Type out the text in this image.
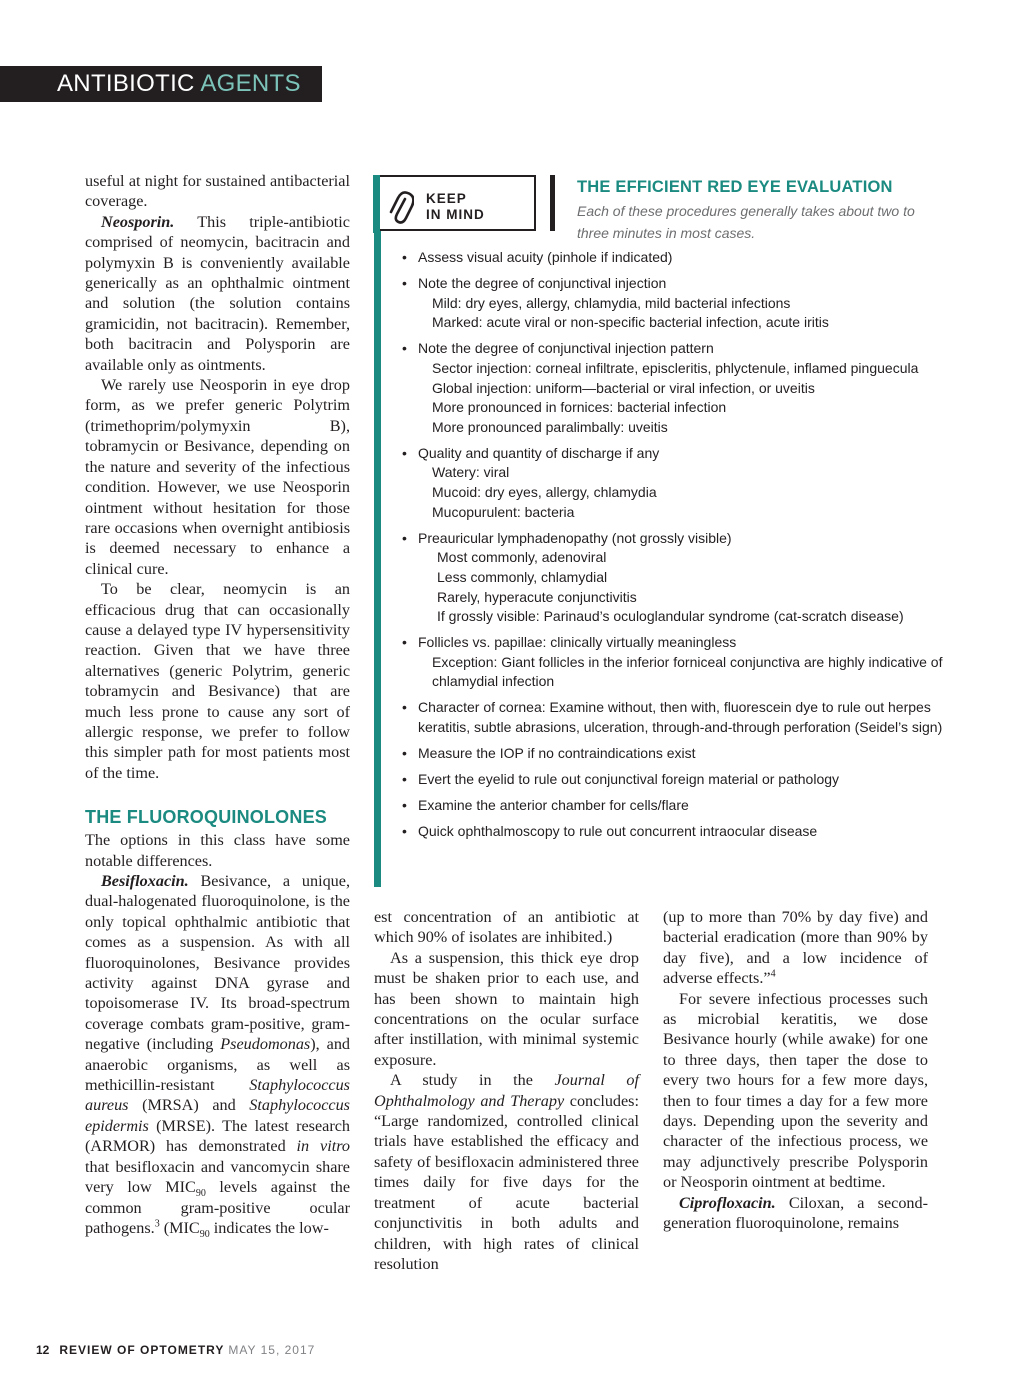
ANTIBIOTIC AGENTS

useful at night for sustained antibacterial coverage.

Neosporin. This triple-antibiotic comprised of neomycin, bacitracin and polymyxin B is conveniently available generically as an ophthalmic ointment and solution (the solution contains gramicidin, not bacitracin). Remember, both bacitracin and Polysporin are available only as ointments.

We rarely use Neosporin in eye drop form, as we prefer generic Polytrim (trimethoprim/polymyxin B), tobramycin or Besivance, depending on the nature and severity of the infectious condition. However, we use Neosporin ointment without hesitation for those rare occasions when overnight antibiosis is deemed necessary to enhance a clinical cure.

To be clear, neomycin is an efficacious drug that can occasionally cause a delayed type IV hypersensitivity reaction. Given that we have three alternatives (generic Polytrim, generic tobramycin and Besivance) that are much less prone to cause any sort of allergic response, we prefer to follow this simpler path for most patients most of the time.

THE FLUOROQUINOLONES

The options in this class have some notable differences.

Besifloxacin. Besivance, a unique, dual-halogenated fluoroquinolone, is the only topical ophthalmic antibiotic that comes as a suspension. As with all fluoroquinolones, Besivance provides activity against DNA gyrase and topoisomerase IV. Its broad-spectrum coverage combats gram-positive, gram-negative (including Pseudomonas), and anaerobic organisms, as well as methicillin-resistant Staphylococcus aureus (MRSA) and Staphylococcus epidermis (MRSE). The latest research (ARMOR) has demonstrated in vitro that besifloxacin and vancomycin share very low $MIC_{90}$ levels against the common gram-positive ocular pathogens.$^3$ ($MIC_{90}$ indicates the low-

KEEP
IN MIND
THE EFFICIENT RED EYE EVALUATION
Each of these procedures generally takes about two to three minutes in most cases.
• Assess visual acuity (pinhole if indicated)
• Note the degree of conjunctival injection
Mild: dry eyes, allergy, chlamydia, mild bacterial infections
Marked: acute viral or non-specific bacterial infection, acute iritis
• Note the degree of conjunctival injection pattern
Sector injection: corneal infiltrate, episcleritis, phlyctenule, inflamed pinguecula
Global injection: uniform—bacterial or viral infection, or uveitis
More pronounced in fornices: bacterial infection
More pronounced paralimbally: uveitis
• Quality and quantity of discharge if any
Watery: viral
Mucoid: dry eyes, allergy, chlamydia
Mucopurulent: bacteria
• Preauricular lymphadenopathy (not grossly visible)
Most commonly, adenoviral
Less commonly, chlamydial
Rarely, hyperacute conjunctivitis
If grossly visible: Parinaud’s oculoglandular syndrome (cat-scratch disease)
• Follicles vs. papillae: clinically virtually meaningless
Exception: Giant follicles in the inferior forniceal conjunctiva are highly indicative of chlamydial infection
• Character of cornea: Examine without, then with, fluorescein dye to rule out herpes keratitis, subtle abrasions, ulceration, through-and-through perforation (Seidel’s sign)
• Measure the IOP if no contraindications exist
• Evert the eyelid to rule out conjunctival foreign material or pathology
• Examine the anterior chamber for cells/flare
• Quick ophthalmoscopy to rule out concurrent intraocular disease

est concentration of an antibiotic at which 90% of isolates are inhibited.)

As a suspension, this thick eye drop must be shaken prior to each use, and has been shown to maintain high concentrations on the ocular surface after instillation, with minimal systemic exposure.

A study in the Journal of Ophthalmology and Therapy concludes: “Large randomized, controlled clinical trials have established the efficacy and safety of besifloxacin administered three times daily for five days for the treatment of acute bacterial conjunctivitis in both adults and children, with high rates of clinical resolution

(up to more than 70% by day five) and bacterial eradication (more than 90% by day five), and a low incidence of adverse effects.”$^4$

For severe infectious processes such as microbial keratitis, we dose Besivance hourly (while awake) for one to three days, then taper the dose to every two hours for a few more days, then to four times a day for a few more days. Depending upon the severity and character of the infectious process, we may adjunctively prescribe Polysporin or Neosporin ointment at bedtime.

Ciprofloxacin. Ciloxan, a second-generation fluoroquinolone, remains

12 REVIEW OF OPTOMETRY MAY 15, 2017
